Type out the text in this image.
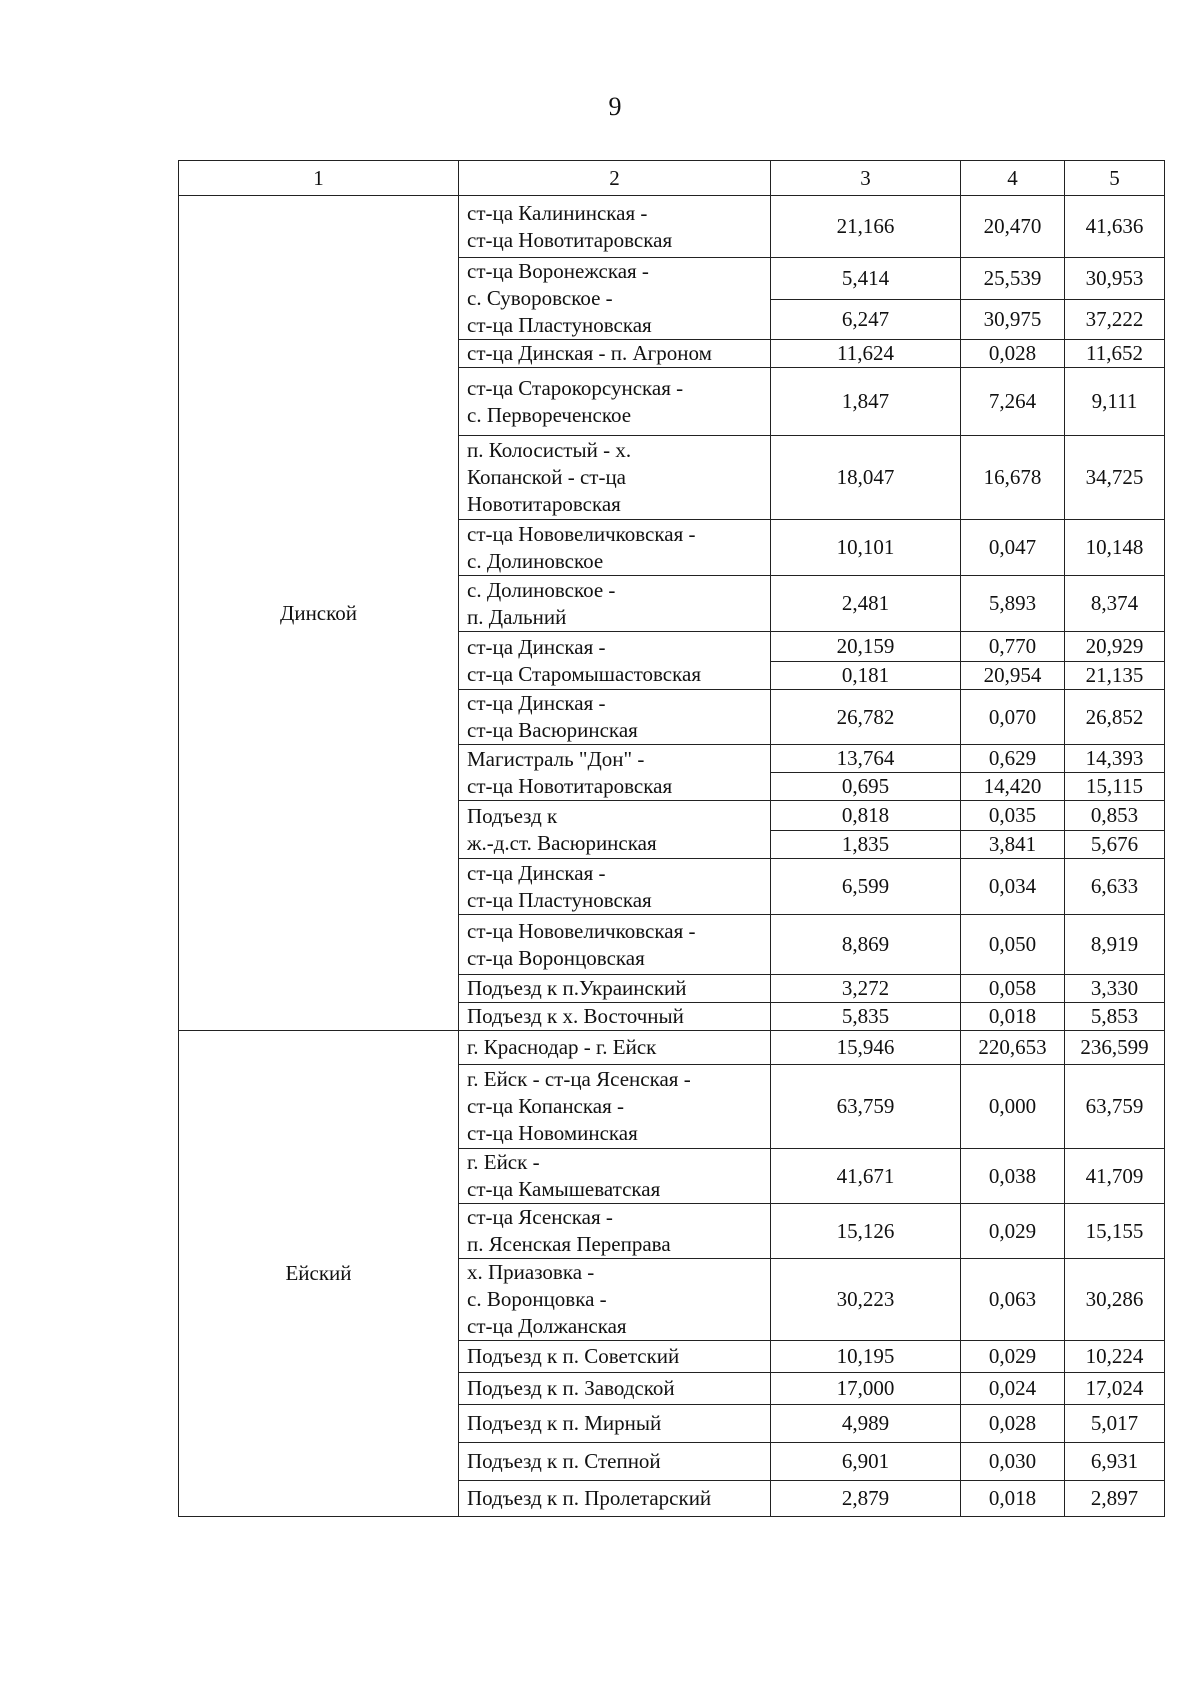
9
1	2	3	4	5
Динской	ст-ца Калининская -
ст-ца Новотитаровская	21,166	20,470	41,636

	ст-ца Воронежская -
с. Суворовское -
ст-ца Пластуновская	5,414	25,539	30,953
		6,247	30,975	37,222

	ст-ца Динская - п. Агроном	11,624	0,028	11,652

	ст-ца Старокорсунская -
с. Первореченское	1,847	7,264	9,111

	п. Колосистый - х.
Копанской - ст-ца
Новотитаровская	18,047	16,678	34,725

	ст-ца Нововеличковская -
с. Долиновское	10,101	0,047	10,148

	с. Долиновское -
п. Дальний	2,481	5,893	8,374

	ст-ца Динская -
ст-ца Старомышастовская	20,159	0,770	20,929
		0,181	20,954	21,135

	ст-ца Динская -
ст-ца Васюринская	26,782	0,070	26,852

	Магистраль "Дон" -
ст-ца Новотитаровская	13,764	0,629	14,393
		0,695	14,420	15,115

	Подъезд к
ж.-д.ст. Васюринская	0,818	0,035	0,853
		1,835	3,841	5,676

	ст-ца Динская -
ст-ца Пластуновская	6,599	0,034	6,633

	ст-ца Нововеличковская -
ст-ца Воронцовская	8,869	0,050	8,919

	Подъезд к п.Украинский	3,272	0,058	3,330

	Подъезд к х. Восточный	5,835	0,018	5,853
Ейский	г. Краснодар - г. Ейск	15,946	220,653	236,599

	г. Ейск - ст-ца Ясенская -
ст-ца Копанская -
ст-ца Новоминская	63,759	0,000	63,759

	г. Ейск -
ст-ца Камышеватская	41,671	0,038	41,709

	ст-ца Ясенская -
п. Ясенская Переправа	15,126	0,029	15,155

	х. Приазовка -
с. Воронцовка -
ст-ца Должанская	30,223	0,063	30,286

	Подъезд к п. Советский	10,195	0,029	10,224

	Подъезд к п. Заводской	17,000	0,024	17,024

	Подъезд к п. Мирный	4,989	0,028	5,017

	Подъезд к п. Степной	6,901	0,030	6,931

	Подъезд к п. Пролетарский	2,879	0,018	2,897
